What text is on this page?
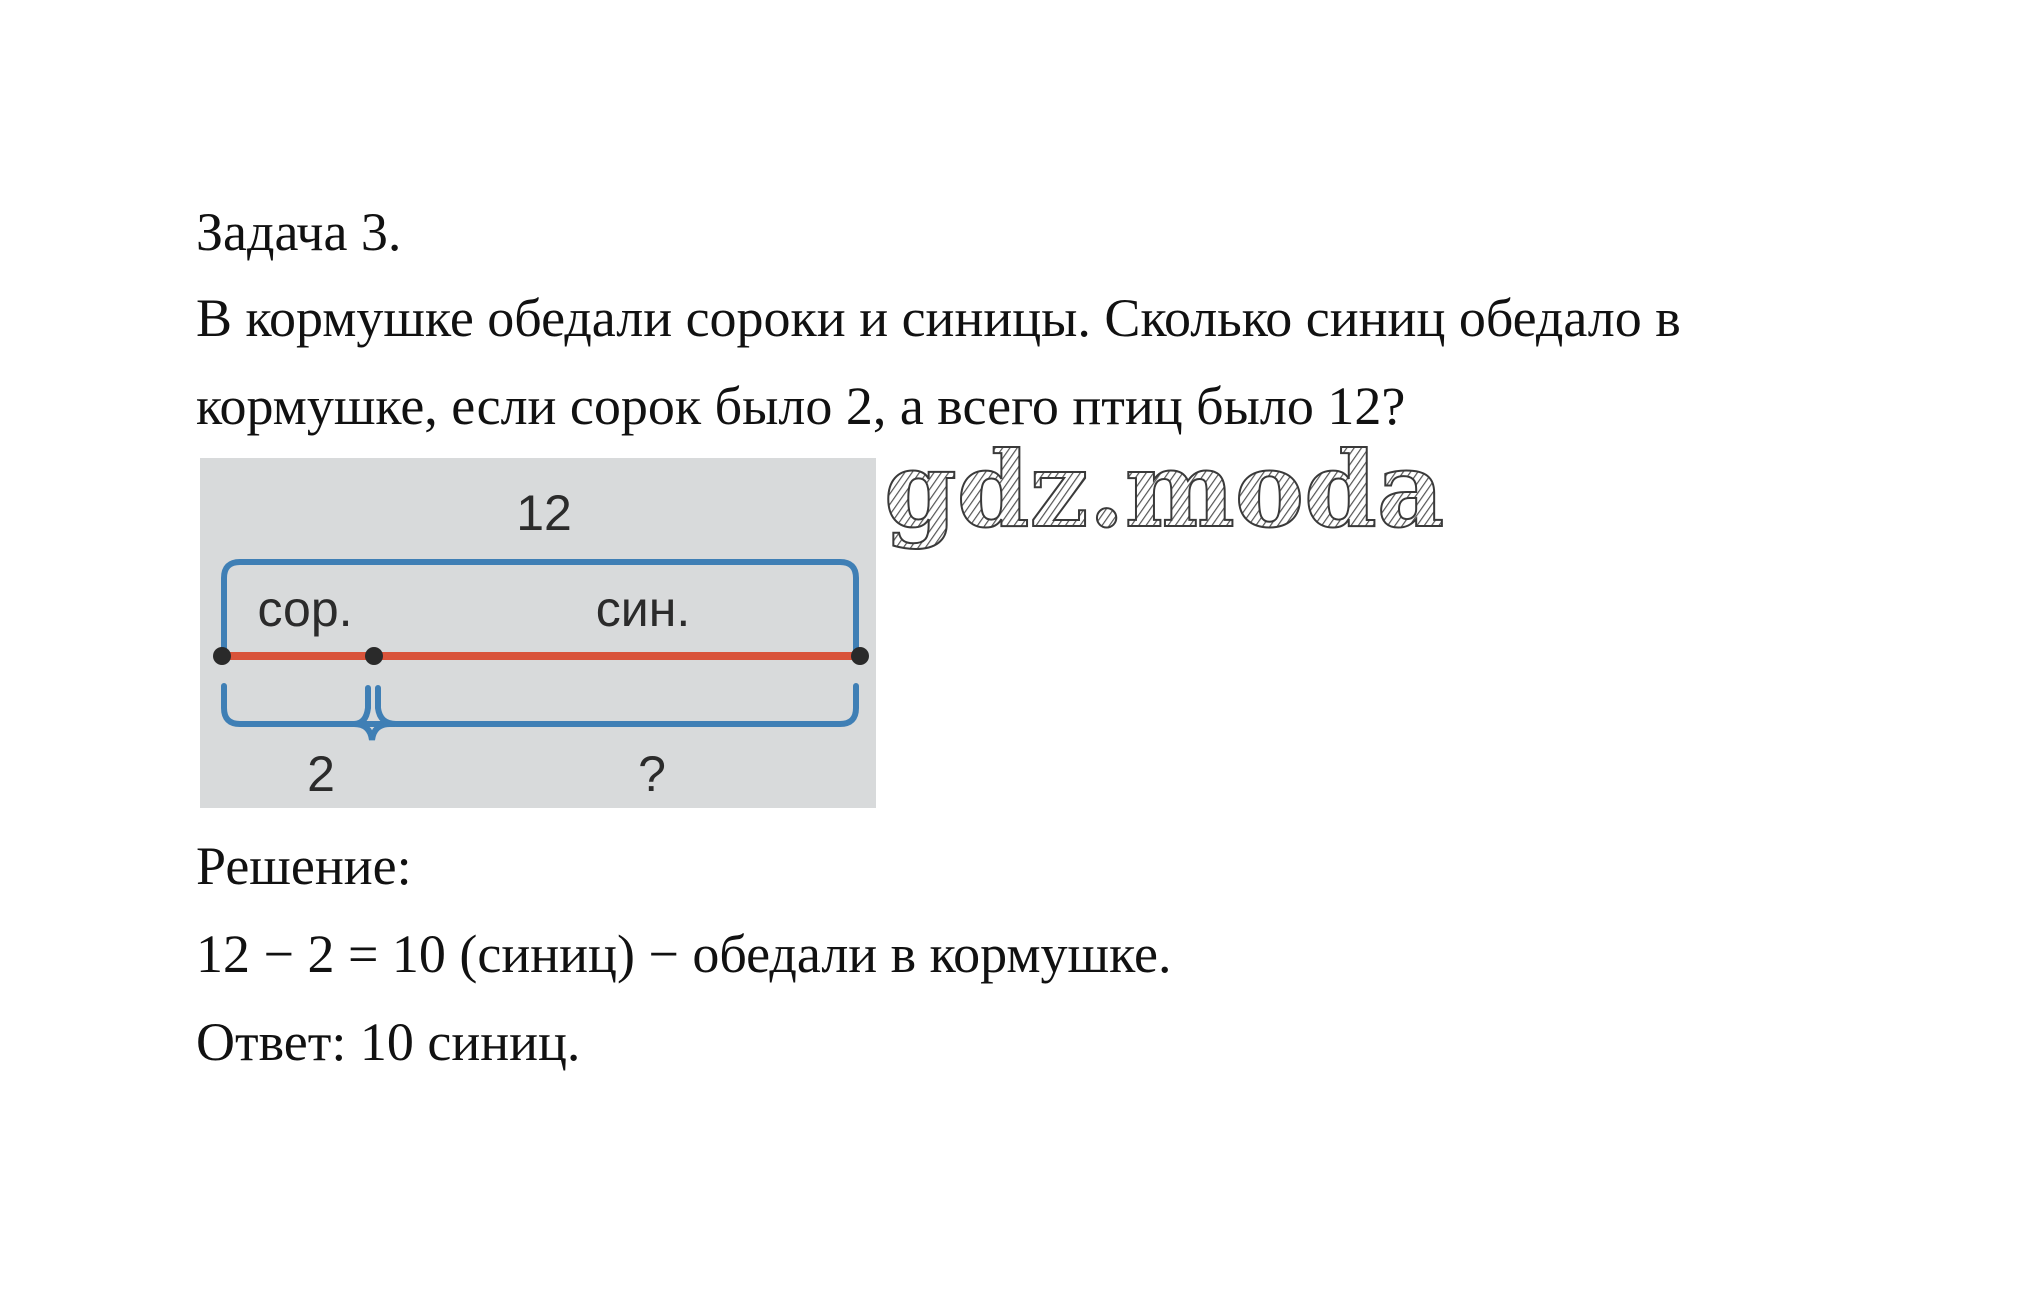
Задача 3.
В кормушке обедали сороки и синицы. Сколько синиц обедало в
кормушке, если сорок было 2, а всего птиц было 12?
12
сор.	син.
2	?
gdz.moda
Решение:
12 − 2 = 10 (синиц) − обедали в кормушке.
Ответ: 10 синиц.
